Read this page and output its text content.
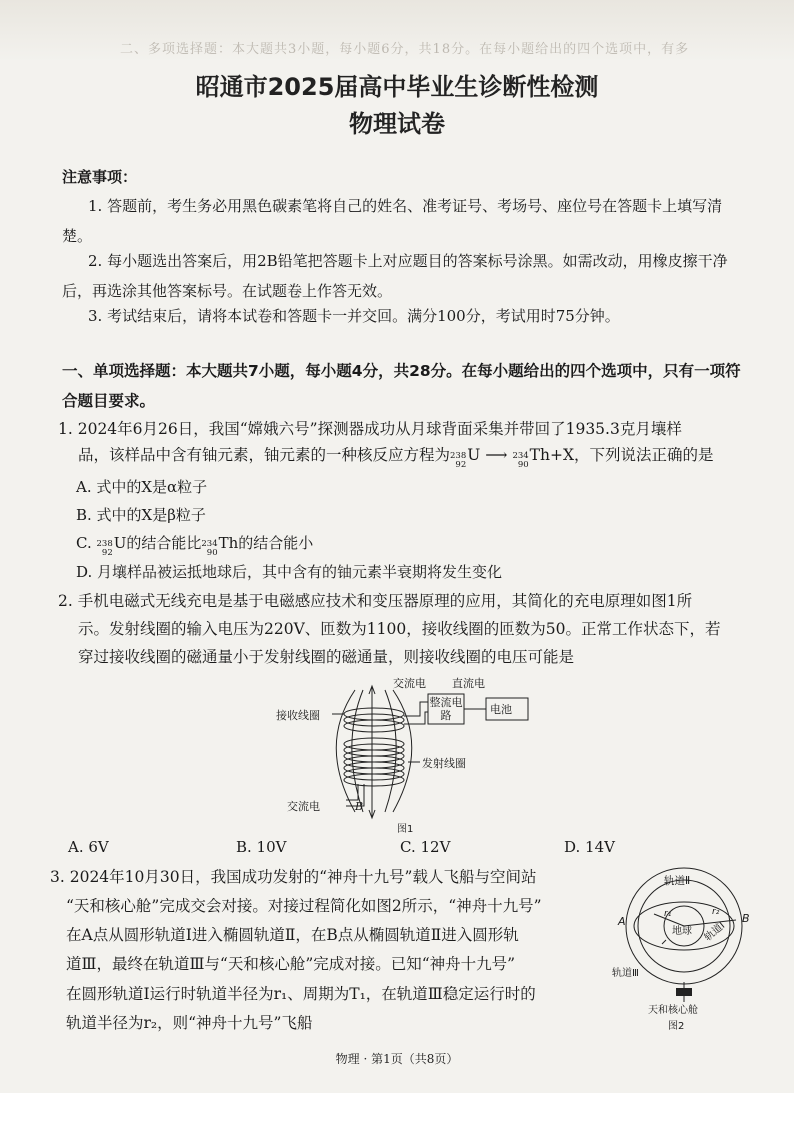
二、多项选择题：本大题共3小题，每小题6分，共18分。在每小题给出的四个选项中，有多
昭通市2025届高中毕业生诊断性检测
物理试卷
注意事项：
1. 答题前，考生务必用黑色碳素笔将自己的姓名、准考证号、考场号、座位号在答题卡上填写清楚。
2. 每小题选出答案后，用2B铅笔把答题卡上对应题目的答案标号涂黑。如需改动，用橡皮擦干净后，再选涂其他答案标号。在试题卷上作答无效。
3. 考试结束后，请将本试卷和答题卡一并交回。满分100分，考试用时75分钟。
一、单项选择题：本大题共7小题，每小题4分，共28分。在每小题给出的四个选项中，只有一项符合题目要求。
1. 2024年6月26日，我国“嫦娥六号”探测器成功从月球背面采集并带回了1935.3克月壤样
品，该样品中含有铀元素，铀元素的一种核反应方程为 238
92
U ⟶ 234
90
Th+X，下列说法正确的是
A. 式中的X是α粒子
B. 式中的X是β粒子
C. 238
92
U的结合能比 234
90
Th的结合能小
D. 月壤样品被运抵地球后，其中含有的铀元素半衰期将发生变化
2. 手机电磁式无线充电是基于电磁感应技术和变压器原理的应用，其简化的充电原理如图1所
示。发射线圈的输入电压为220V、匝数为1100，接收线圈的匝数为50。正常工作状态下，若
穿过接收线圈的磁通量小于发射线圈的磁通量，则接收线圈的电压可能是
交流电 直流电
整流电路	电池
接收线圈
发射线圈
交流电	B
图1
A. 6V	B. 10V	C. 12V	D. 14V
3. 2024年10月30日，我国成功发射的“神舟十九号”载人飞船与空间站
“天和核心舱”完成交会对接。对接过程简化如图2所示，“神舟十九号”
在A点从圆形轨道Ⅰ进入椭圆轨道Ⅱ，在B点从椭圆轨道Ⅱ进入圆形轨
道Ⅲ，最终在轨道Ⅲ与“天和核心舱”完成对接。已知“神舟十九号”
在圆形轨道Ⅰ运行时轨道半径为r₁、周期为T₁，在轨道Ⅲ稳定运行时的
轨道半径为r₂，则“神舟十九号”飞船
轨道Ⅱ
A	B
r₁	r₂
地球 轨道Ⅰ
轨道Ⅲ
天和核心舱
图2
物理 · 第1页（共8页）
